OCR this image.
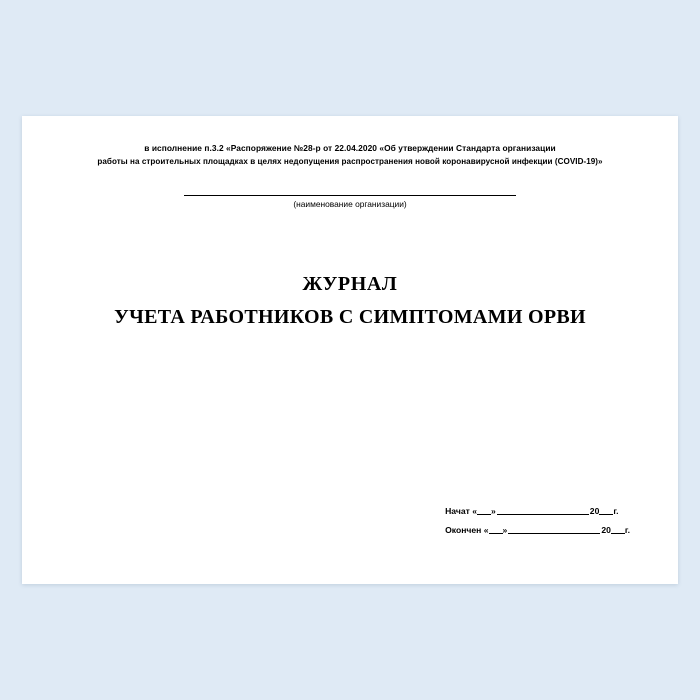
в исполнение п.3.2 «Распоряжение №28-р от 22.04.2020 «Об утверждении Стандарта организации
работы на строительных площадках в целях недопущения распространения новой коронавирусной инфекции (COVID-19)»
(наименование организации)
ЖУРНАЛ
УЧЕТА РАБОТНИКОВ С СИМПТОМАМИ ОРВИ
Начат « »	20 г.
Окончен « »	20 г.
